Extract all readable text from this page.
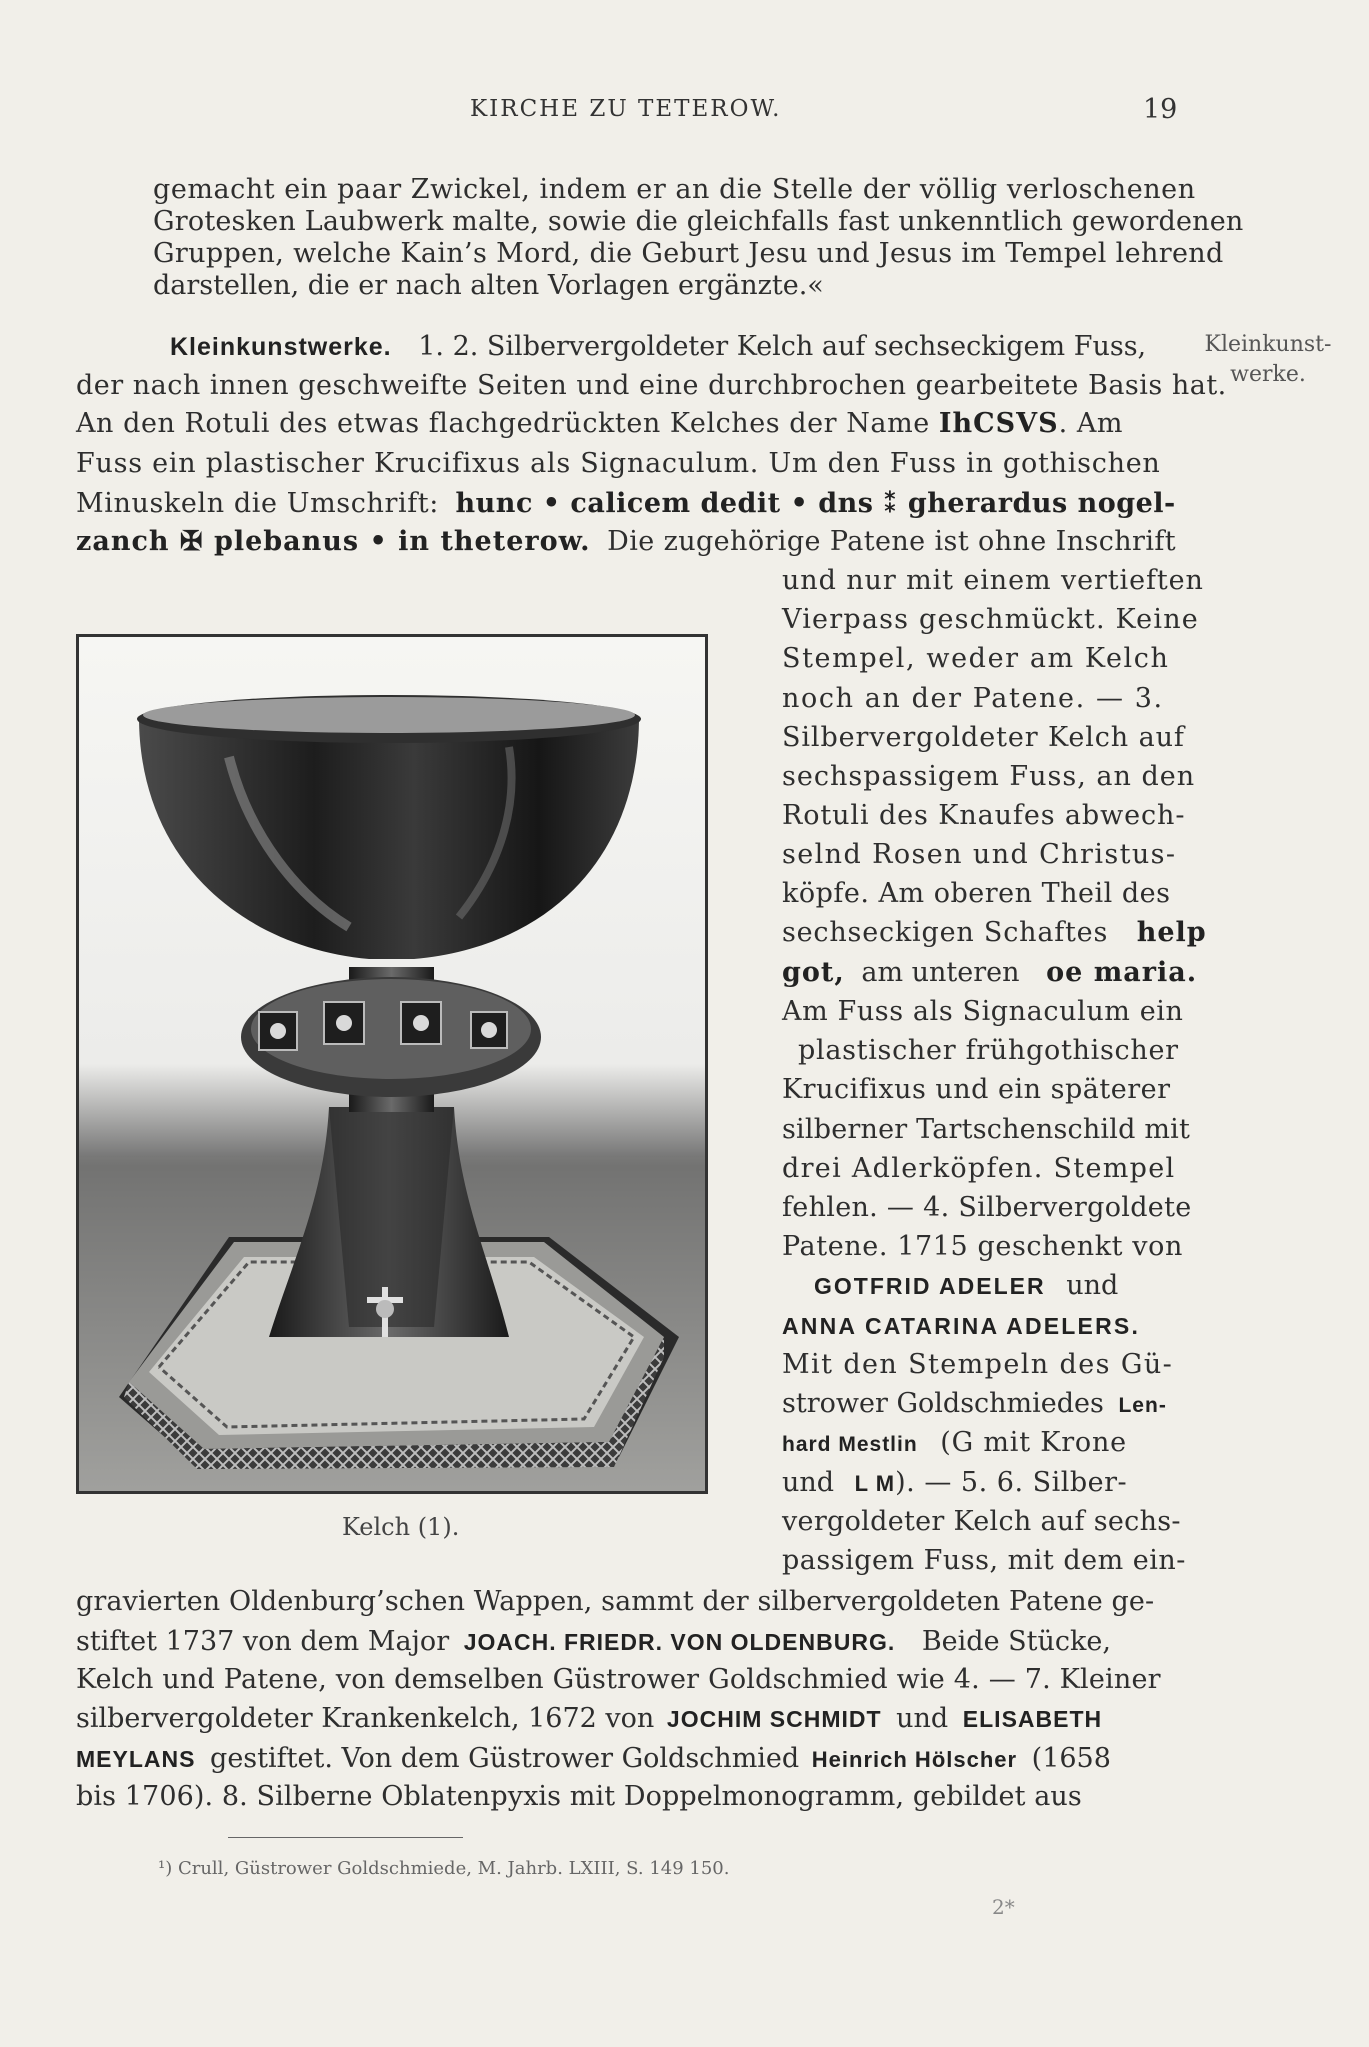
KIRCHE ZU TETEROW.	19
gemacht ein paar Zwickel, indem er an die Stelle der völlig verloschenen
Grotesken Laubwerk malte, sowie die gleichfalls fast unkenntlich gewordenen
Gruppen, welche Kain’s Mord, die Geburt Jesu und Jesus im Tempel lehrend
darstellen, die er nach alten Vorlagen ergänzte.«
Kleinkunstwerke. 1. 2. Silbervergoldeter Kelch auf sechseckigem Fuss,
der nach innen geschweifte Seiten und eine durchbrochen gearbeitete Basis hat.
An den Rotuli des etwas flachgedrückten Kelches der Name IhCSVS. Am
Fuss ein plastischer Krucifixus als Signaculum. Um den Fuss in gothischen
Minuskeln die Umschrift: hunc • calicem dedit • dns ⁑ gherardus nogel-
zanch ✠ plebanus • in theterow. Die zugehörige Patene ist ohne Inschrift
Kleinkunst-
werke.
und nur mit einem vertieften
Vierpass geschmückt. Keine
Stempel, weder am Kelch
noch an der Patene. — 3.
Silbervergoldeter Kelch auf
sechspassigem Fuss, an den
Rotuli des Knaufes abwech-
selnd Rosen und Christus-
köpfe. Am oberen Theil des
sechseckigen Schaftes help
got, am unteren oe maria.
Am Fuss als Signaculum ein
plastischer frühgothischer
Krucifixus und ein späterer
silberner Tartschenschild mit
drei Adlerköpfen. Stempel
fehlen. — 4. Silbervergoldete
Patene. 1715 geschenkt von
GOTFRID ADELER und
ANNA CATARINA ADELERS.
Mit den Stempeln des Gü-
strower Goldschmiedes Len-
hard Mestlin (G mit Krone
und L M). — 5. 6. Silber-
vergoldeter Kelch auf sechs-
passigem Fuss, mit dem ein-
Kelch (1).
gravierten Oldenburg’schen Wappen, sammt der silbervergoldeten Patene ge-
stiftet 1737 von dem Major JOACH. FRIEDR. VON OLDENBURG. Beide Stücke,
Kelch und Patene, von demselben Güstrower Goldschmied wie 4. — 7. Kleiner
silbervergoldeter Krankenkelch, 1672 von JOCHIM SCHMIDT und ELISABETH
MEYLANS gestiftet. Von dem Güstrower Goldschmied Heinrich Hölscher (1658
bis 1706). 8. Silberne Oblatenpyxis mit Doppelmonogramm, gebildet aus
¹) Crull, Güstrower Goldschmiede, M. Jahrb. LXIII, S. 149 150.
2*
